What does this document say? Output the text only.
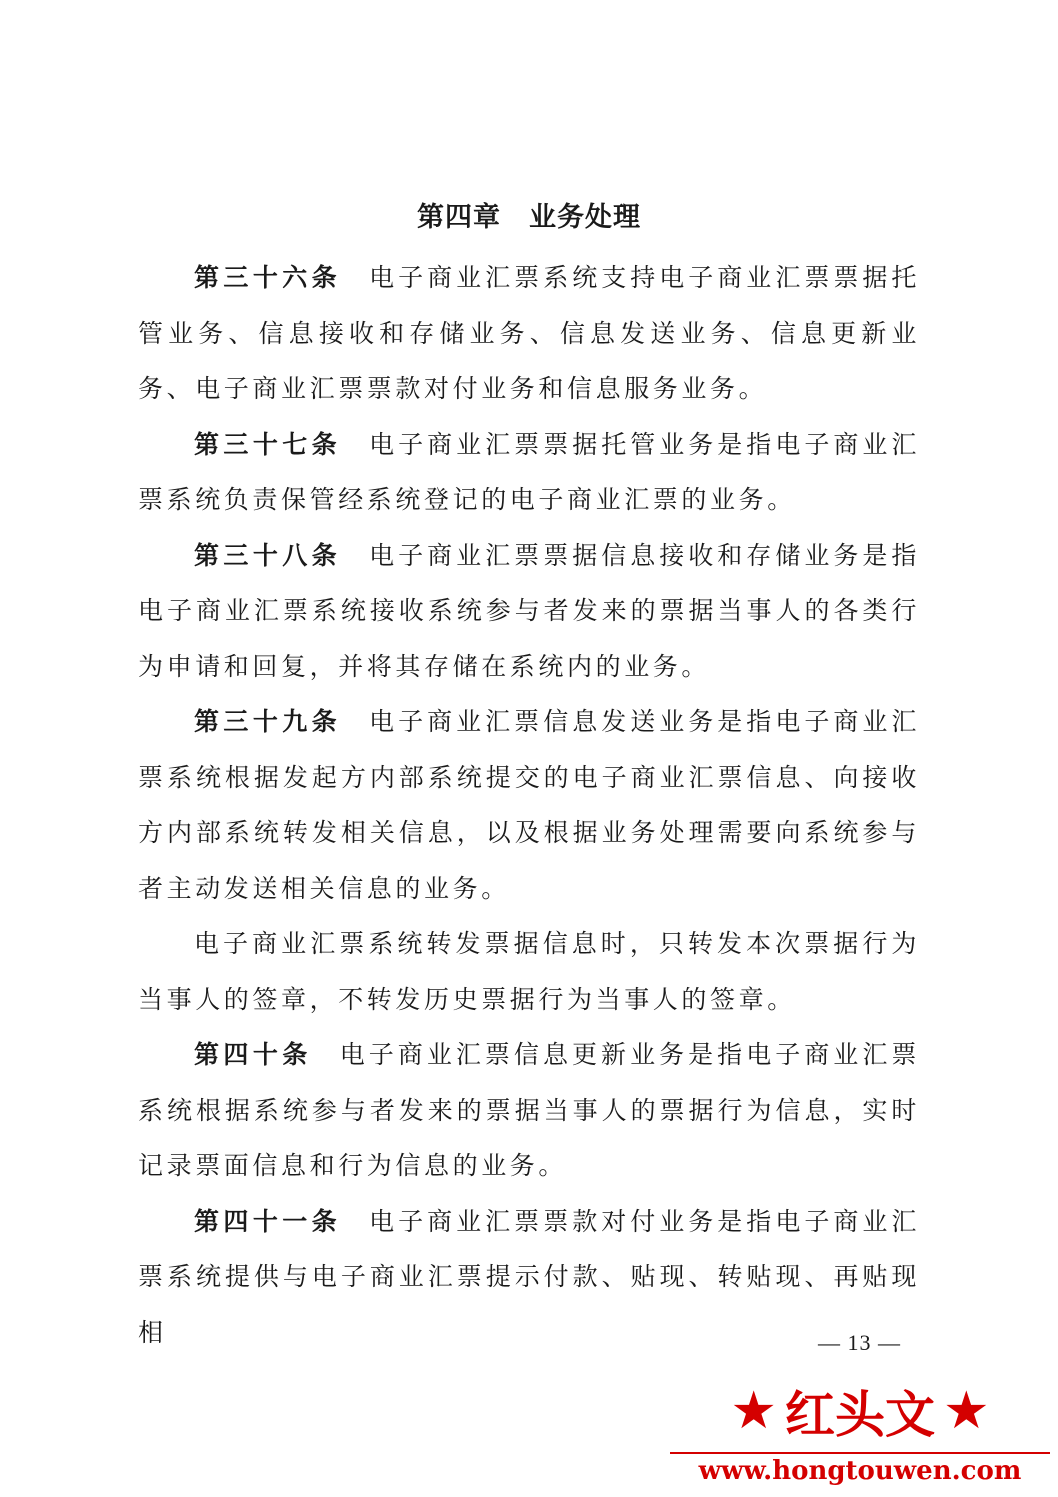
第四章 业务处理

第三十六条 电子商业汇票系统支持电子商业汇票票据托管业务、信息接收和存储业务、信息发送业务、信息更新业务、电子商业汇票票款对付业务和信息服务业务。

第三十七条 电子商业汇票票据托管业务是指电子商业汇票系统负责保管经系统登记的电子商业汇票的业务。

第三十八条 电子商业汇票票据信息接收和存储业务是指电子商业汇票系统接收系统参与者发来的票据当事人的各类行为申请和回复，并将其存储在系统内的业务。

第三十九条 电子商业汇票信息发送业务是指电子商业汇票系统根据发起方内部系统提交的电子商业汇票信息、向接收方内部系统转发相关信息，以及根据业务处理需要向系统参与者主动发送相关信息的业务。

电子商业汇票系统转发票据信息时，只转发本次票据行为当事人的签章，不转发历史票据行为当事人的签章。

第四十条 电子商业汇票信息更新业务是指电子商业汇票系统根据系统参与者发来的票据当事人的票据行为信息，实时记录票面信息和行为信息的业务。

第四十一条 电子商业汇票票款对付业务是指电子商业汇票系统提供与电子商业汇票提示付款、贴现、转贴现、再贴现相	— 13 —
★ 红头文 ★
www.hongtouwen.com
